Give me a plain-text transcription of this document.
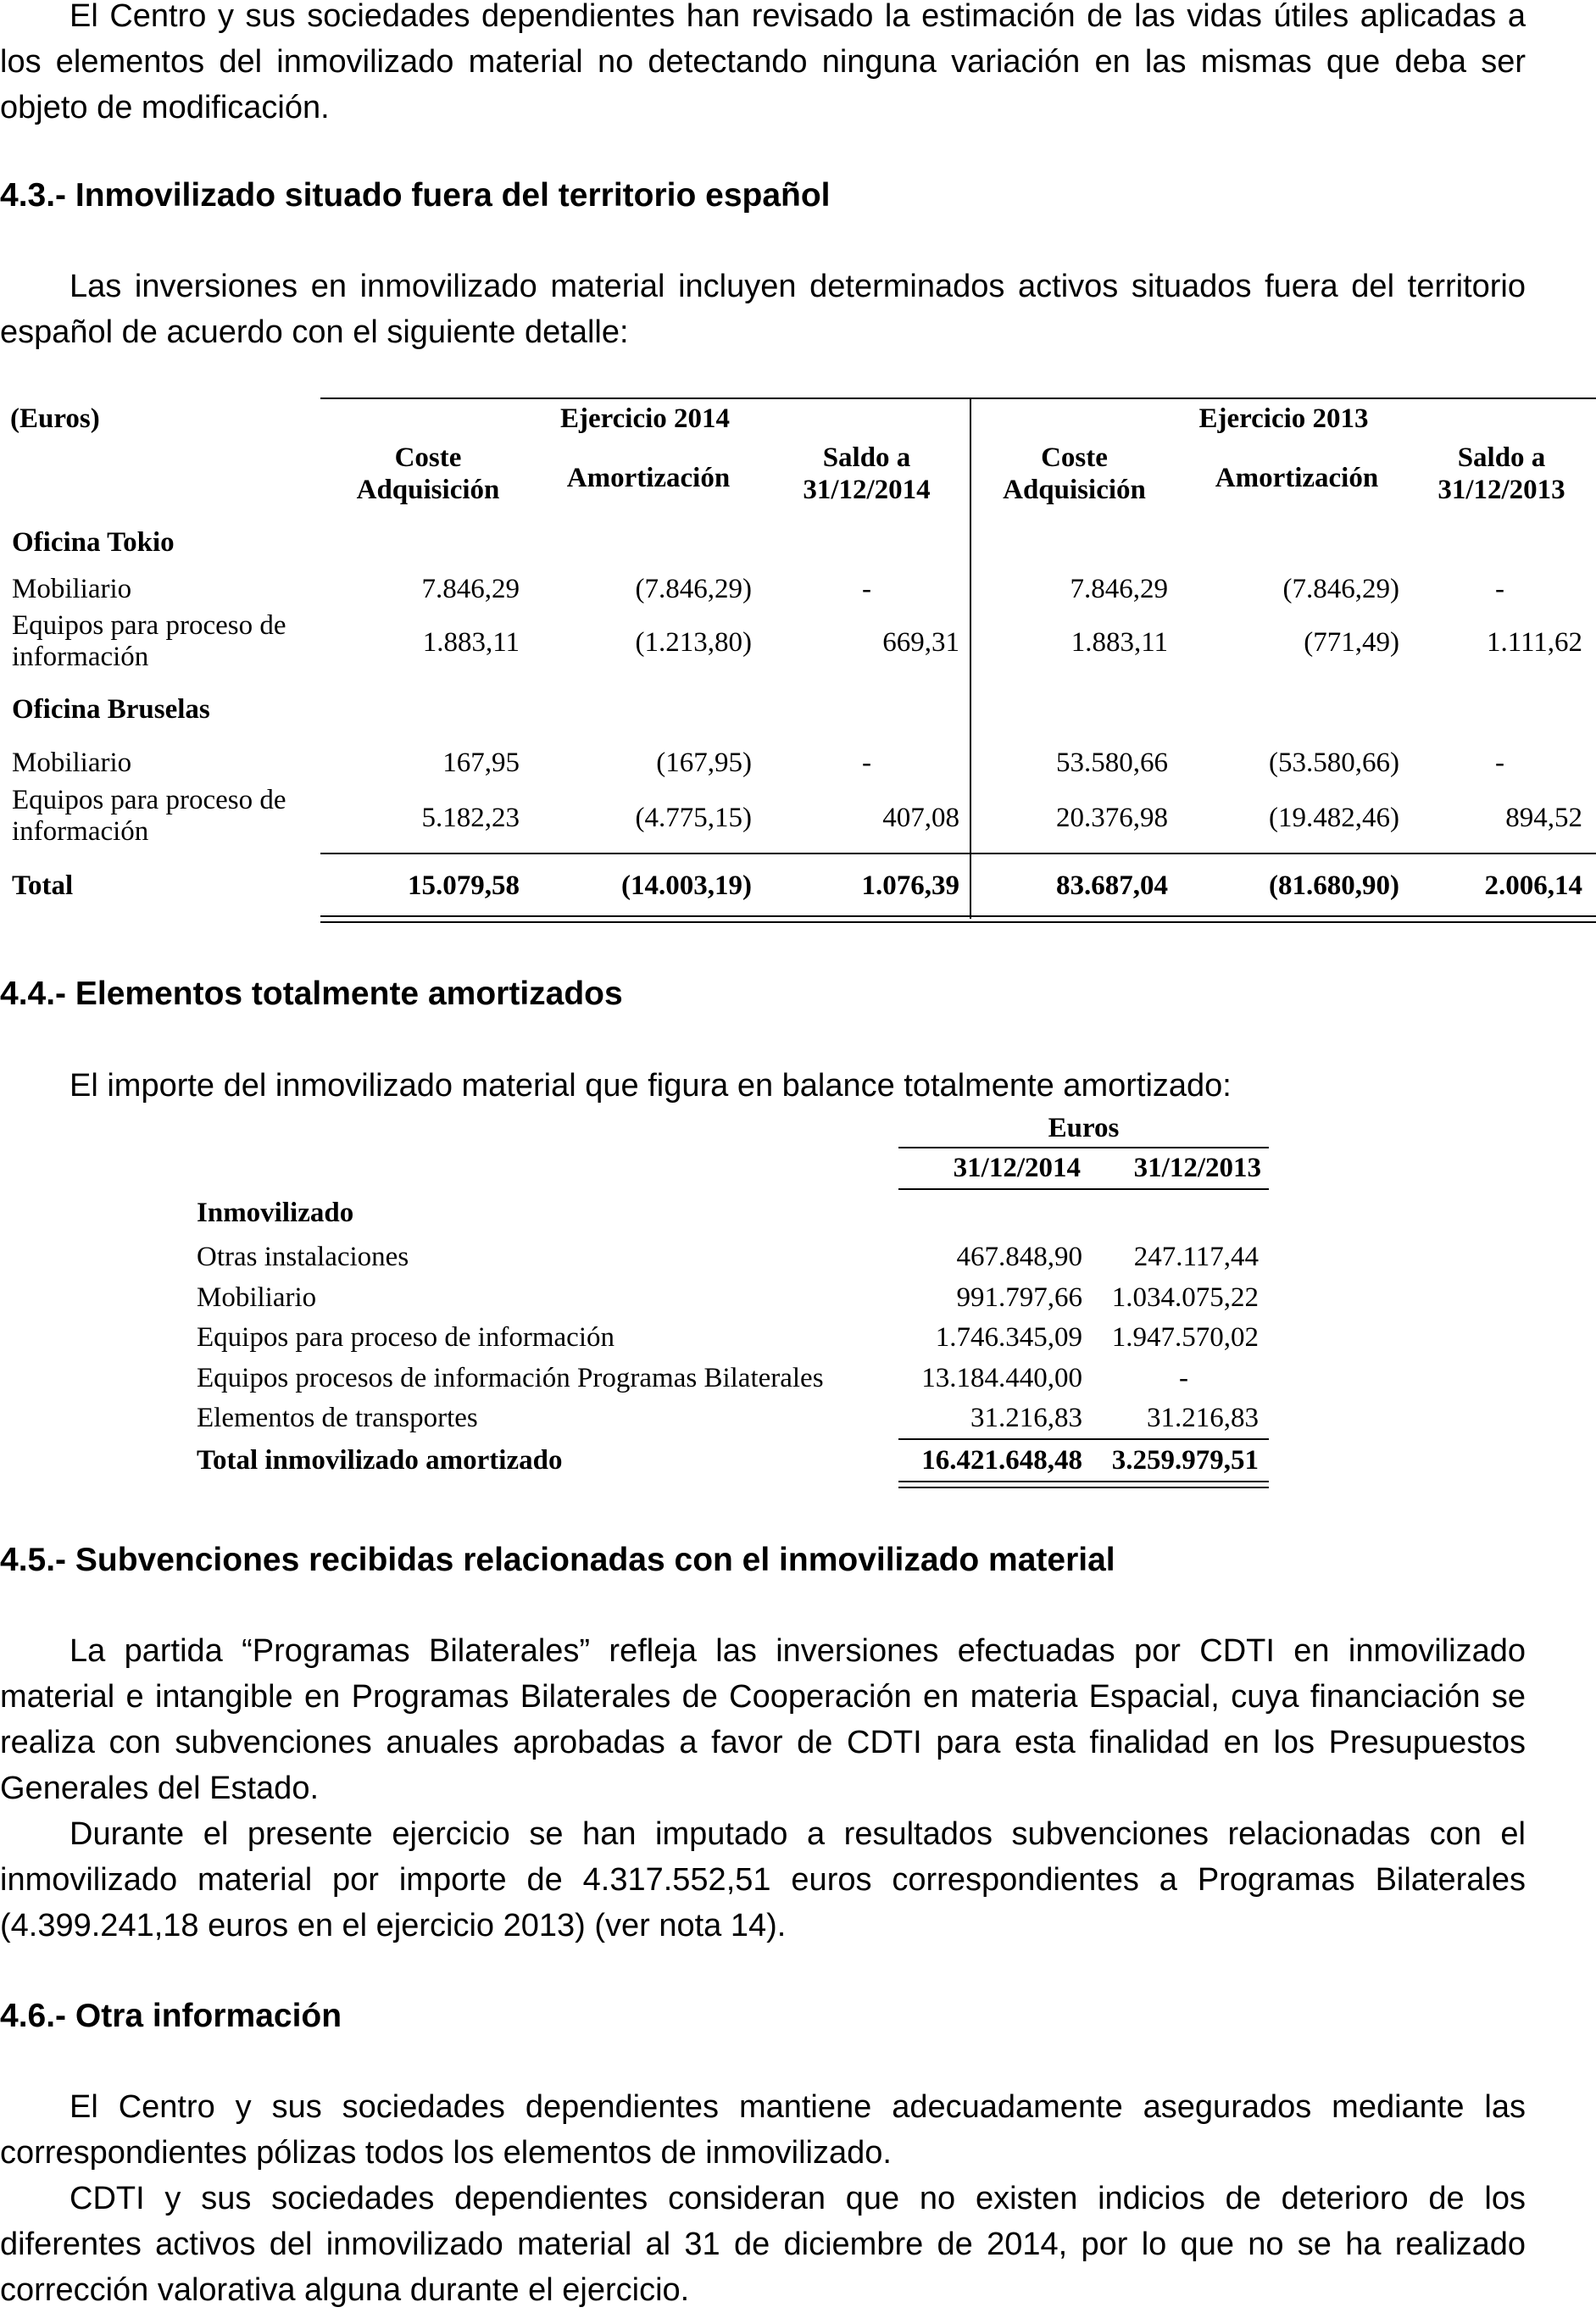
El Centro y sus sociedades dependientes han revisado la estimación de las vidas útiles aplicadas a los elementos del inmovilizado material no detectando ninguna variación en las mismas que deba ser objeto de modificación.

4.3.- Inmovilizado situado fuera del territorio español

Las inversiones en inmovilizado material incluyen determinados activos situados fuera del territorio español de acuerdo con el siguiente detalle:

(Euros)	Ejercicio 2014	Ejercicio 2013
Coste
Adquisición	Amortización
Saldo a
31/12/2014
Coste
Adquisición	Amortización
Saldo a
31/12/2013
Oficina Tokio
Mobiliario	7.846,29	(7.846,29)	-	7.846,29	(7.846,29)	-
Equipos para proceso de
información	1.883,11	(1.213,80)	669,31	1.883,11	(771,49)	1.111,62
Oficina Bruselas
Mobiliario	167,95	(167,95)	-	53.580,66	(53.580,66)	-
Equipos para proceso de
información	5.182,23	(4.775,15)	407,08	20.376,98	(19.482,46)	894,52
Total	15.079,58	(14.003,19)	1.076,39	83.687,04	(81.680,90)	2.006,14

4.4.- Elementos totalmente amortizados

El importe del inmovilizado material que figura en balance totalmente amortizado:

Euros
31/12/2014	31/12/2013
Inmovilizado
Otras instalaciones	467.848,90	247.117,44
Mobiliario	991.797,66	1.034.075,22
Equipos para proceso de información	1.746.345,09	1.947.570,02
Equipos procesos de información Programas Bilaterales	13.184.440,00	-
Elementos de transportes	31.216,83	31.216,83
Total inmovilizado amortizado	16.421.648,48	3.259.979,51

4.5.- Subvenciones recibidas relacionadas con el inmovilizado material

La partida “Programas Bilaterales” refleja las inversiones efectuadas por CDTI en inmovilizado material e intangible en Programas Bilaterales de Cooperación en materia Espacial, cuya financiación se realiza con subvenciones anuales aprobadas a favor de CDTI para esta finalidad en los Presupuestos Generales del Estado.

Durante el presente ejercicio se han imputado a resultados subvenciones relacionadas con el inmovilizado material por importe de 4.317.552,51 euros correspondientes a Programas Bilaterales (4.399.241,18 euros en el ejercicio 2013) (ver nota 14).

4.6.- Otra información

El Centro y sus sociedades dependientes mantiene adecuadamente asegurados mediante las correspondientes pólizas todos los elementos de inmovilizado.

CDTI y sus sociedades dependientes consideran que no existen indicios de deterioro de los diferentes activos del inmovilizado material al 31 de diciembre de 2014, por lo que no se ha realizado corrección valorativa alguna durante el ejercicio.
